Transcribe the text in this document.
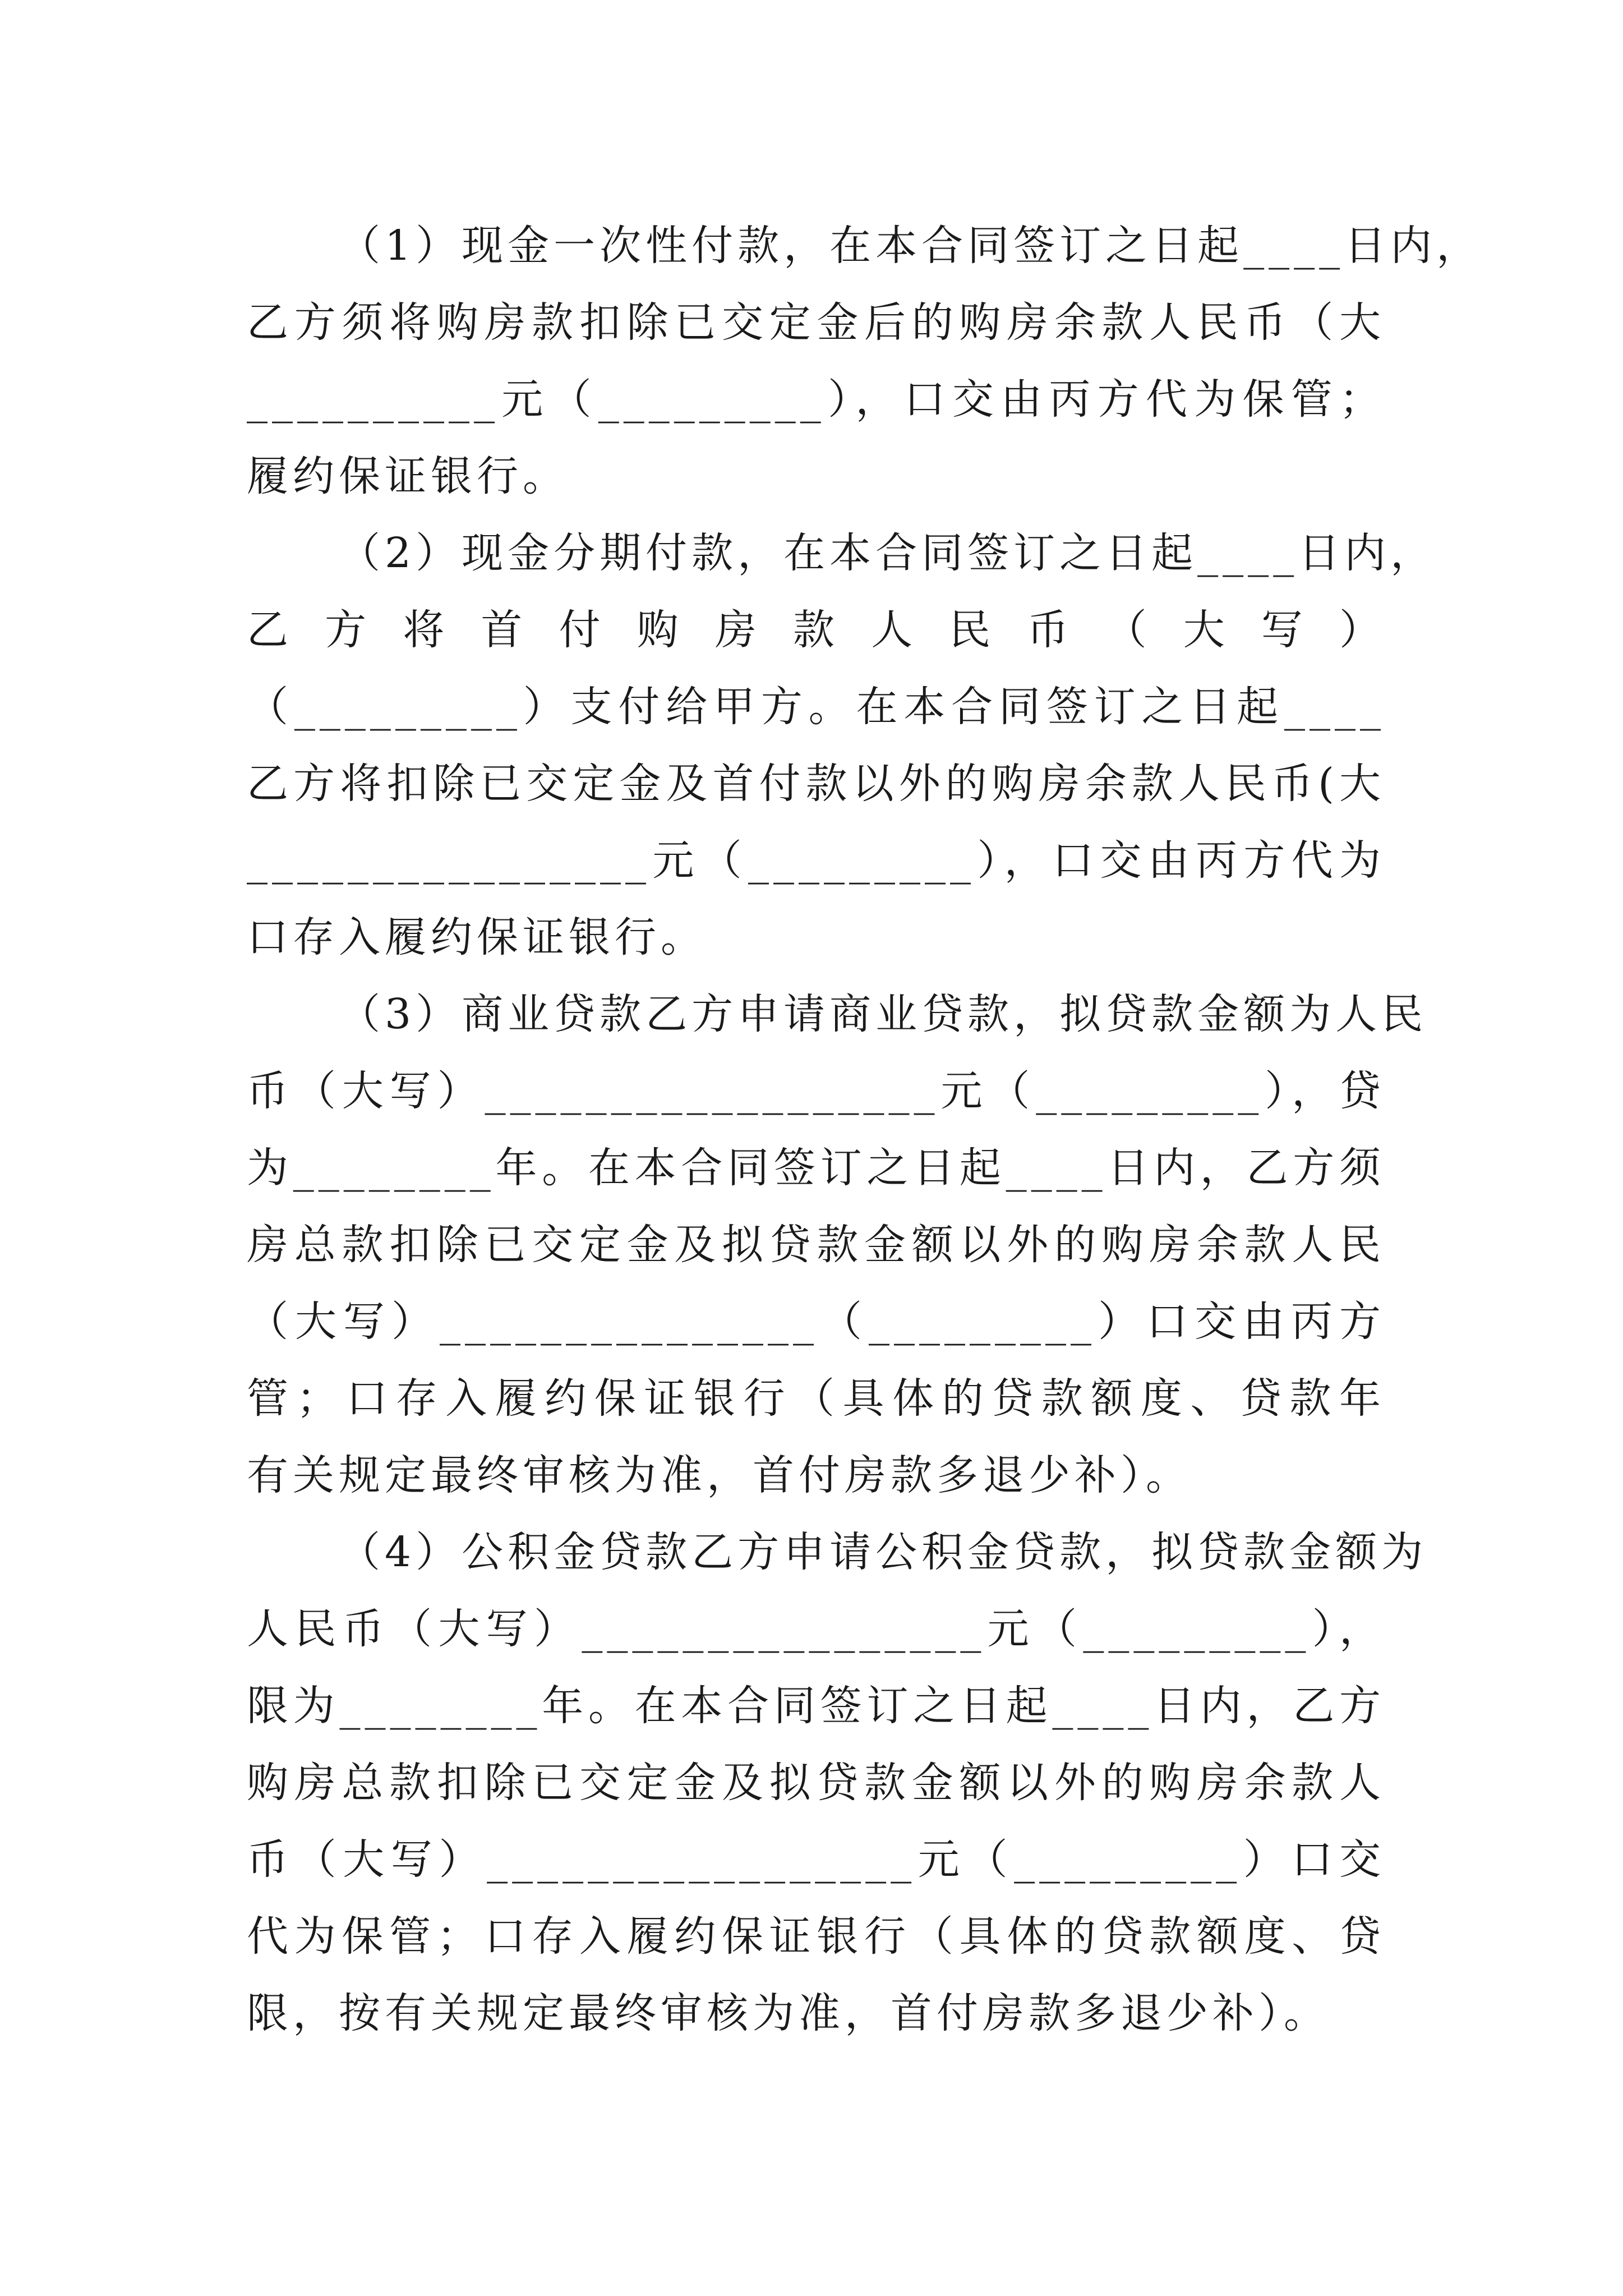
（1）现金一次性付款，在本合同签订之日起____日内，
乙方须将购房款扣除已交定金后的购房余款人民币（大
__________元（_________），口交由丙方代为保管；
履约保证银行。
（2）现金分期付款，在本合同签订之日起____日内，
乙方将首付购房款人民币（大写）
（_________）支付给甲方。在本合同签订之日起____
乙方将扣除已交定金及首付款以外的购房余款人民币(大
________________元（_________），口交由丙方代为
口存入履约保证银行。
（3）商业贷款乙方申请商业贷款，拟贷款金额为人民
币（大写）__________________元（_________），贷
为________年。在本合同签订之日起____日内，乙方须
房总款扣除已交定金及拟贷款金额以外的购房余款人民
（大写）_______________（_________）口交由丙方
管；口存入履约保证银行（具体的贷款额度、贷款年
有关规定最终审核为准，首付房款多退少补）。
（4）公积金贷款乙方申请公积金贷款，拟贷款金额为
人民币（大写）________________元（_________），
限为________年。在本合同签订之日起____日内，乙方
购房总款扣除已交定金及拟贷款金额以外的购房余款人
币（大写）_________________元（_________）口交
代为保管；口存入履约保证银行（具体的贷款额度、贷
限，按有关规定最终审核为准，首付房款多退少补）。
